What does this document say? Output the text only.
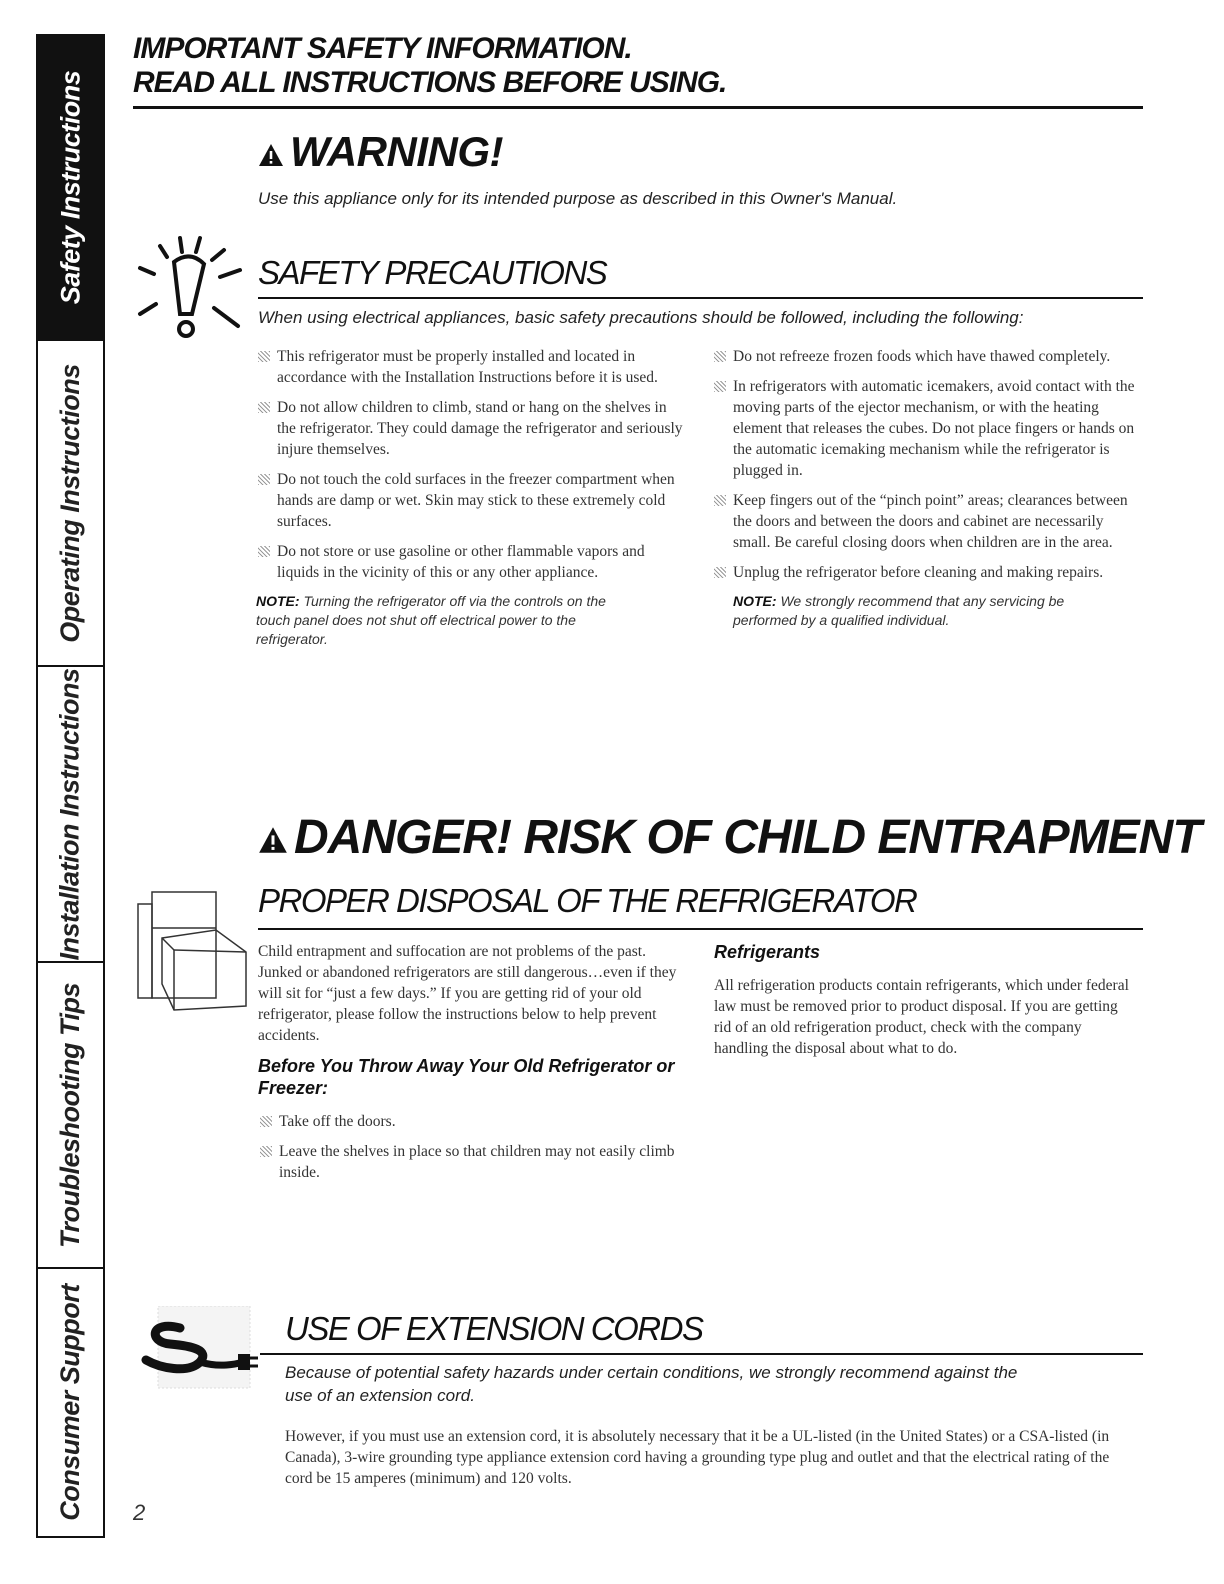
Safety Instructions
Operating Instructions
Installation Instructions
Troubleshooting Tips
Consumer Support
IMPORTANT SAFETY INFORMATION.
READ ALL INSTRUCTIONS BEFORE USING.
WARNING!
Use this appliance only for its intended purpose as described in this Owner's Manual.
SAFETY PRECAUTIONS
When using electrical appliances, basic safety precautions should be followed, including the following:
This refrigerator must be properly installed and located in accordance with the Installation Instructions before it is used.
Do not allow children to climb, stand or hang on the shelves in the refrigerator. They could damage the refrigerator and seriously injure themselves.
Do not touch the cold surfaces in the freezer compartment when hands are damp or wet. Skin may stick to these extremely cold surfaces.
Do not store or use gasoline or other flammable vapors and liquids in the vicinity of this or any other appliance.
NOTE: Turning the refrigerator off via the controls on the touch panel does not shut off electrical power to the refrigerator.
Do not refreeze frozen foods which have thawed completely.
In refrigerators with automatic icemakers, avoid contact with the moving parts of the ejector mechanism, or with the heating element that releases the cubes. Do not place fingers or hands on the automatic icemaking mechanism while the refrigerator is plugged in.
Keep fingers out of the “pinch point” areas; clearances between the doors and between the doors and cabinet are necessarily small. Be careful closing doors when children are in the area.
Unplug the refrigerator before cleaning and making repairs.
NOTE: We strongly recommend that any servicing be performed by a qualified individual.
DANGER! RISK OF CHILD ENTRAPMENT
PROPER DISPOSAL OF THE REFRIGERATOR
Child entrapment and suffocation are not problems of the past. Junked or abandoned refrigerators are still dangerous…even if they will sit for “just a few days.” If you are getting rid of your old refrigerator, please follow the instructions below to help prevent accidents.
Before You Throw Away Your Old Refrigerator or Freezer:
Take off the doors.
Leave the shelves in place so that children may not easily climb inside.
Refrigerants
All refrigeration products contain refrigerants, which under federal law must be removed prior to product disposal. If you are getting rid of an old refrigeration product, check with the company handling the disposal about what to do.
USE OF EXTENSION CORDS
Because of potential safety hazards under certain conditions, we strongly recommend against the use of an extension cord.
However, if you must use an extension cord, it is absolutely necessary that it be a UL-listed (in the United States) or a CSA-listed (in Canada), 3-wire grounding type appliance extension cord having a grounding type plug and outlet and that the electrical rating of the cord be 15 amperes (minimum) and 120 volts.
2
